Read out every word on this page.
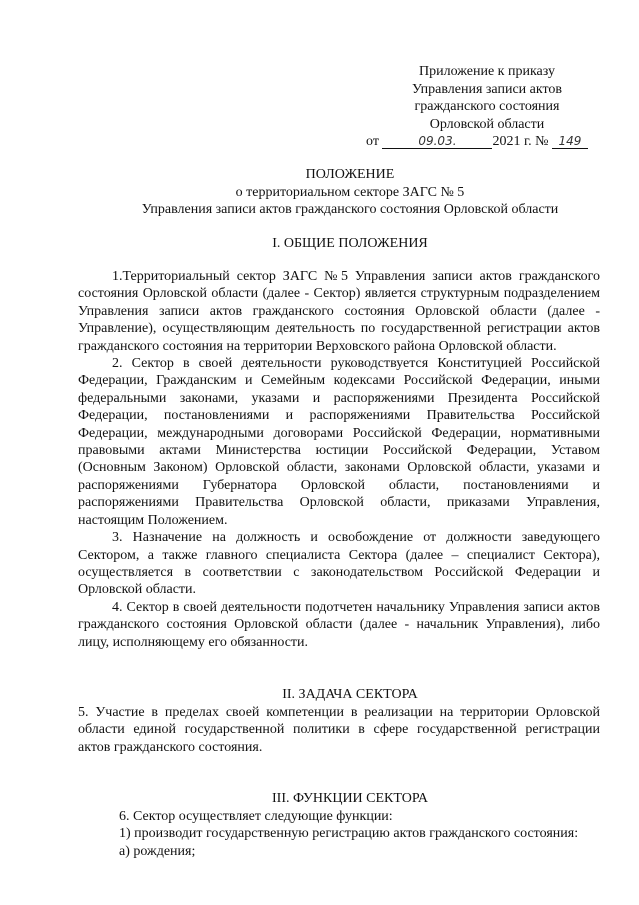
Приложение к приказу
Управления записи актов
гражданского состояния
Орловской области
от	09.03.	2021 г. № 149
ПОЛОЖЕНИЕ
о территориальном секторе ЗАГС № 5
Управления записи актов гражданского состояния Орловской области
I. ОБЩИЕ ПОЛОЖЕНИЯ

1.Территориальный сектор ЗАГС №5 Управления записи актов гражданского состояния Орловской области (далее - Сектор) является структурным подразделением Управления записи актов гражданского состояния Орловской области (далее - Управление), осуществляющим деятельность по государственной регистрации актов гражданского состояния на территории Верховского района Орловской области.

2. Сектор в своей деятельности руководствуется Конституцией Российской Федерации, Гражданским и Семейным кодексами Российской Федерации, иными федеральными законами, указами и распоряжениями Президента Российской Федерации, постановлениями и распоряжениями Правительства Российской Федерации, международными договорами Российской Федерации, нормативными правовыми актами Министерства юстиции Российской Федерации, Уставом (Основным Законом) Орловской области, законами Орловской области, указами и распоряжениями Губернатора Орловской области, постановлениями и распоряжениями Правительства Орловской области, приказами Управления, настоящим Положением.

3. Назначение на должность и освобождение от должности заведующего Сектором, а также главного специалиста Сектора (далее – специалист Сектора), осуществляется в соответствии с законодательством Российской Федерации и Орловской области.

4. Сектор в своей деятельности подотчетен начальнику Управления записи актов гражданского состояния Орловской области (далее - начальник Управления), либо лицу, исполняющему его обязанности.

II. ЗАДАЧА СЕКТОРА

5. Участие в пределах своей компетенции в реализации на территории Орловской области единой государственной политики в сфере государственной регистрации актов гражданского состояния.

III. ФУНКЦИИ СЕКТОРА

6. Сектор осуществляет следующие функции:

1) производит государственную регистрацию актов гражданского состояния:

а) рождения;
